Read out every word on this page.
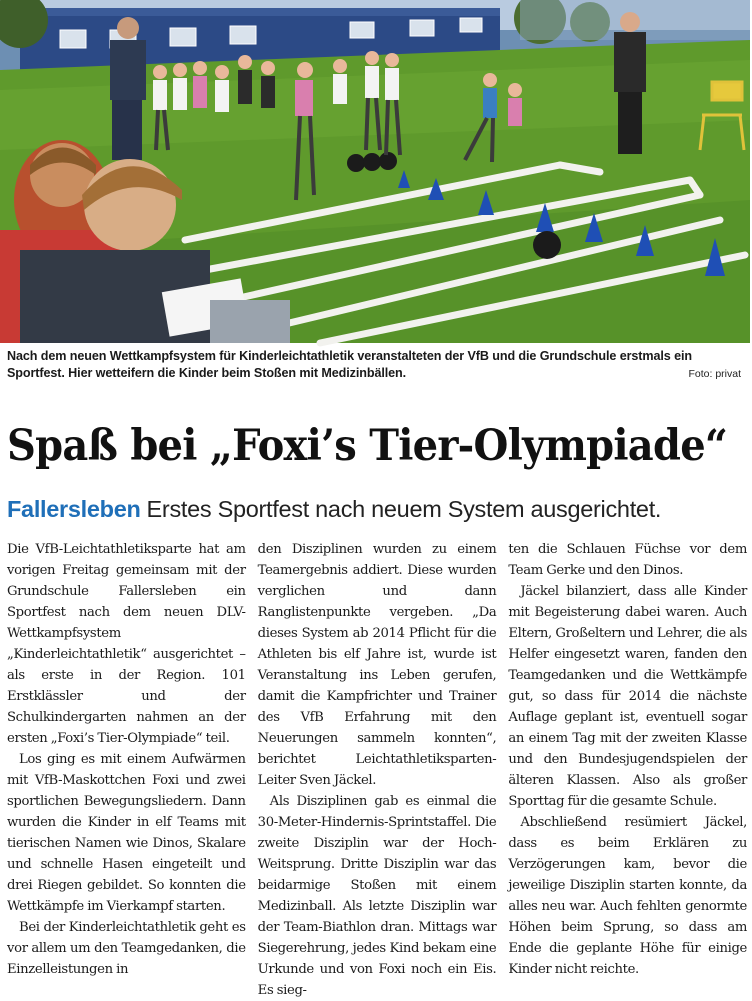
Nach dem neuen Wettkampfsystem für Kinderleichtathletik veranstalteten der VfB und die Grundschule erstmals ein Sportfest. Hier wetteifern die Kinder beim Stoßen mit Medizinbällen.	Foto: privat
Spaß bei „Foxi’s Tier-Olympiade“
Fallersleben Erstes Sportfest nach neuem System ausgerichtet.

Die VfB-Leichtathletiksparte hat am vorigen Freitag gemeinsam mit der Grundschule Fallersleben ein Sportfest nach dem neuen DLV-Wettkampfsystem „Kinderleichtathletik“ ausgerichtet – als erste in der Region. 101 Erstklässler und der Schulkindergarten nahmen an der ersten „Foxi’s Tier-Olympiade“ teil.

Los ging es mit einem Aufwärmen mit VfB-Maskottchen Foxi und zwei sportlichen Bewegungsliedern. Dann wurden die Kinder in elf Teams mit tierischen Namen wie Dinos, Skalare und schnelle Hasen eingeteilt und drei Riegen gebildet. So konnten die Wettkämpfe im Vierkampf starten.

Bei der Kinderleichtathletik geht es vor allem um den Teamgedanken, die Einzelleistungen in

den Disziplinen wurden zu einem Teamergebnis addiert. Diese wurden verglichen und dann Ranglistenpunkte vergeben. „Da dieses System ab 2014 Pflicht für die Athleten bis elf Jahre ist, wurde ist Veranstaltung ins Leben gerufen, damit die Kampfrichter und Trainer des VfB Erfahrung mit den Neuerungen sammeln konnten“, berichtet Leichtathletiksparten-Leiter Sven Jäckel.

Als Disziplinen gab es einmal die 30-Meter-Hindernis-Sprintstaffel. Die zweite Disziplin war der Hoch-Weitsprung. Dritte Disziplin war das beidarmige Stoßen mit einem Medizinball. Als letzte Disziplin war der Team-Biathlon dran. Mittags war Siegerehrung, jedes Kind bekam eine Urkunde und von Foxi noch ein Eis. Es sieg-

ten die Schlauen Füchse vor dem Team Gerke und den Dinos.

Jäckel bilanziert, dass alle Kinder mit Begeisterung dabei waren. Auch Eltern, Großeltern und Lehrer, die als Helfer eingesetzt waren, fanden den Teamgedanken und die Wettkämpfe gut, so dass für 2014 die nächste Auflage geplant ist, eventuell sogar an einem Tag mit der zweiten Klasse und den Bundesjugendspielen der älteren Klassen. Also als großer Sporttag für die gesamte Schule.

Abschließend resümiert Jäckel, dass es beim Erklären zu Verzögerungen kam, bevor die jeweilige Disziplin starten konnte, da alles neu war. Auch fehlten genormte Höhen beim Sprung, so dass am Ende die geplante Höhe für einige Kinder nicht reichte.
